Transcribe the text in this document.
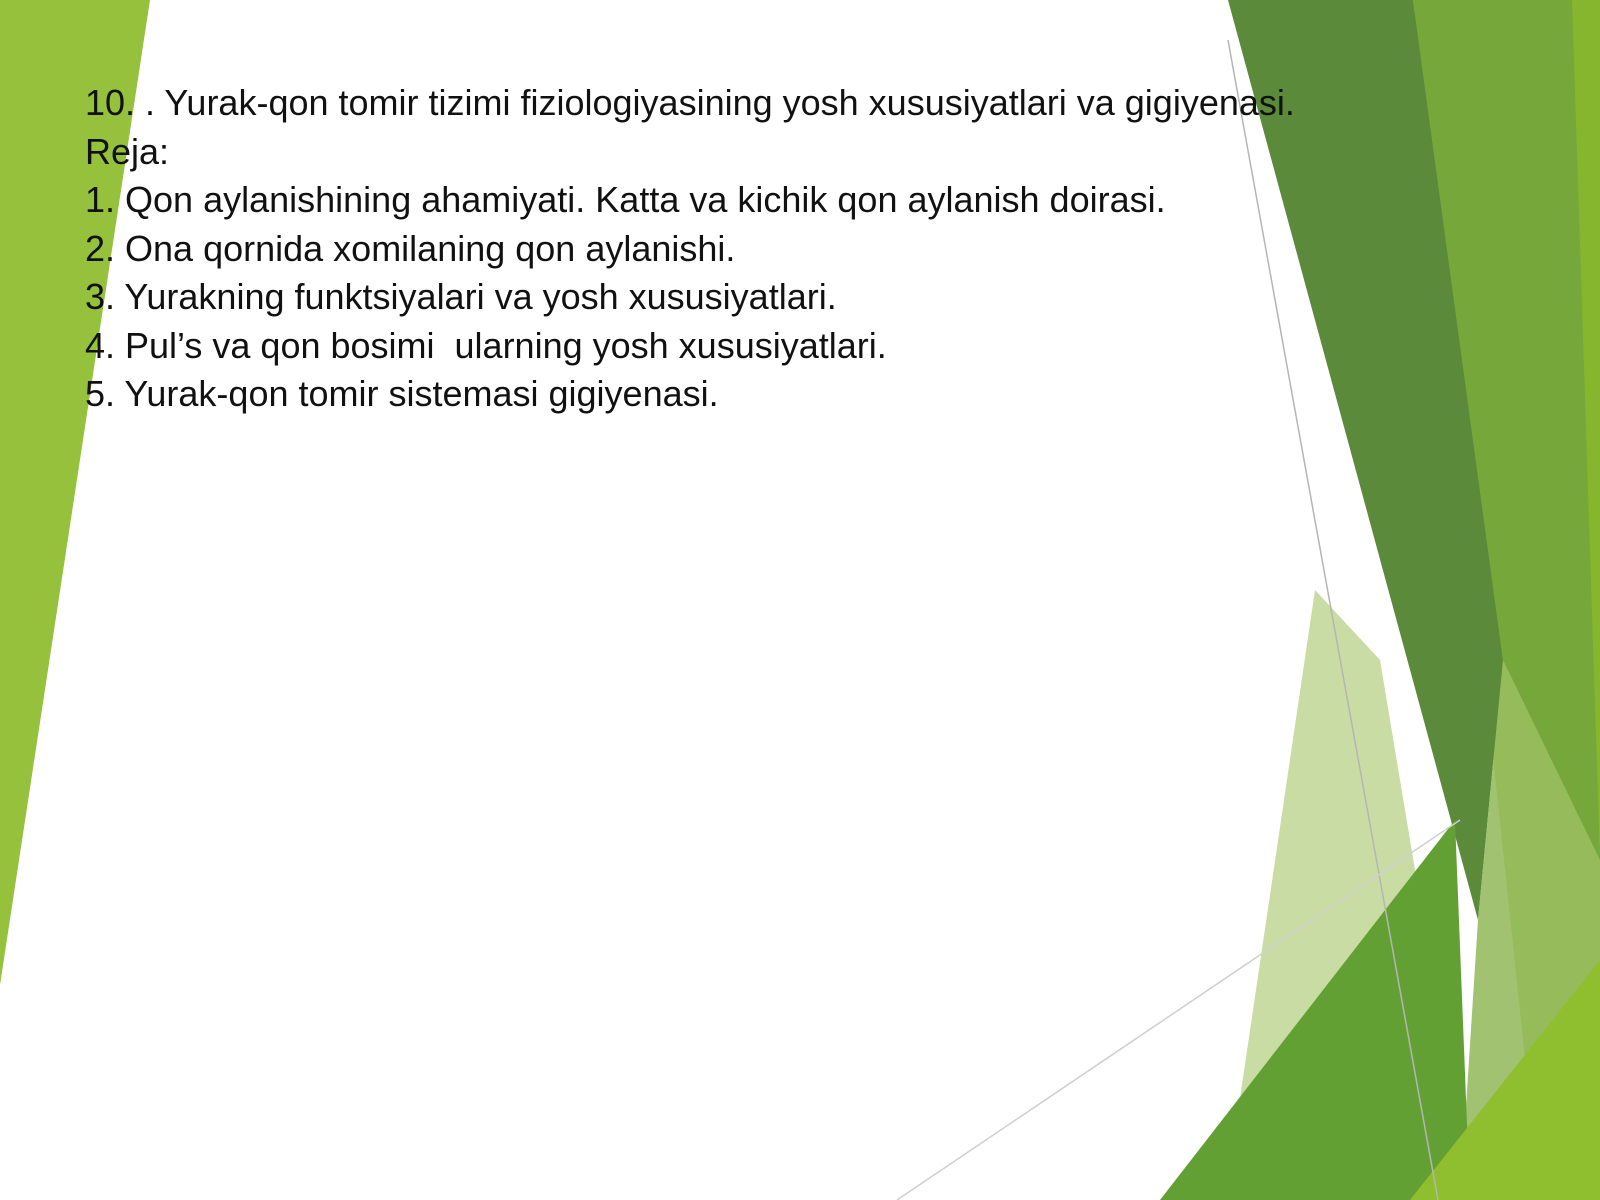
10. . Yurak-qon tomir tizimi fiziologiyasining yosh xususiyatlari va gigiyenasi.

Reja:

1. Qon aylanishining ahamiyati. Katta va kichik qon aylanish doirasi.

2. Ona qornida xomilaning qon aylanishi.

3. Yurakning funktsiyalari va yosh xususiyatlari.

4. Pul’s va qon bosimi  ularning yosh xususiyatlari.

5. Yurak-qon tomir sistemasi gigiyenasi.
